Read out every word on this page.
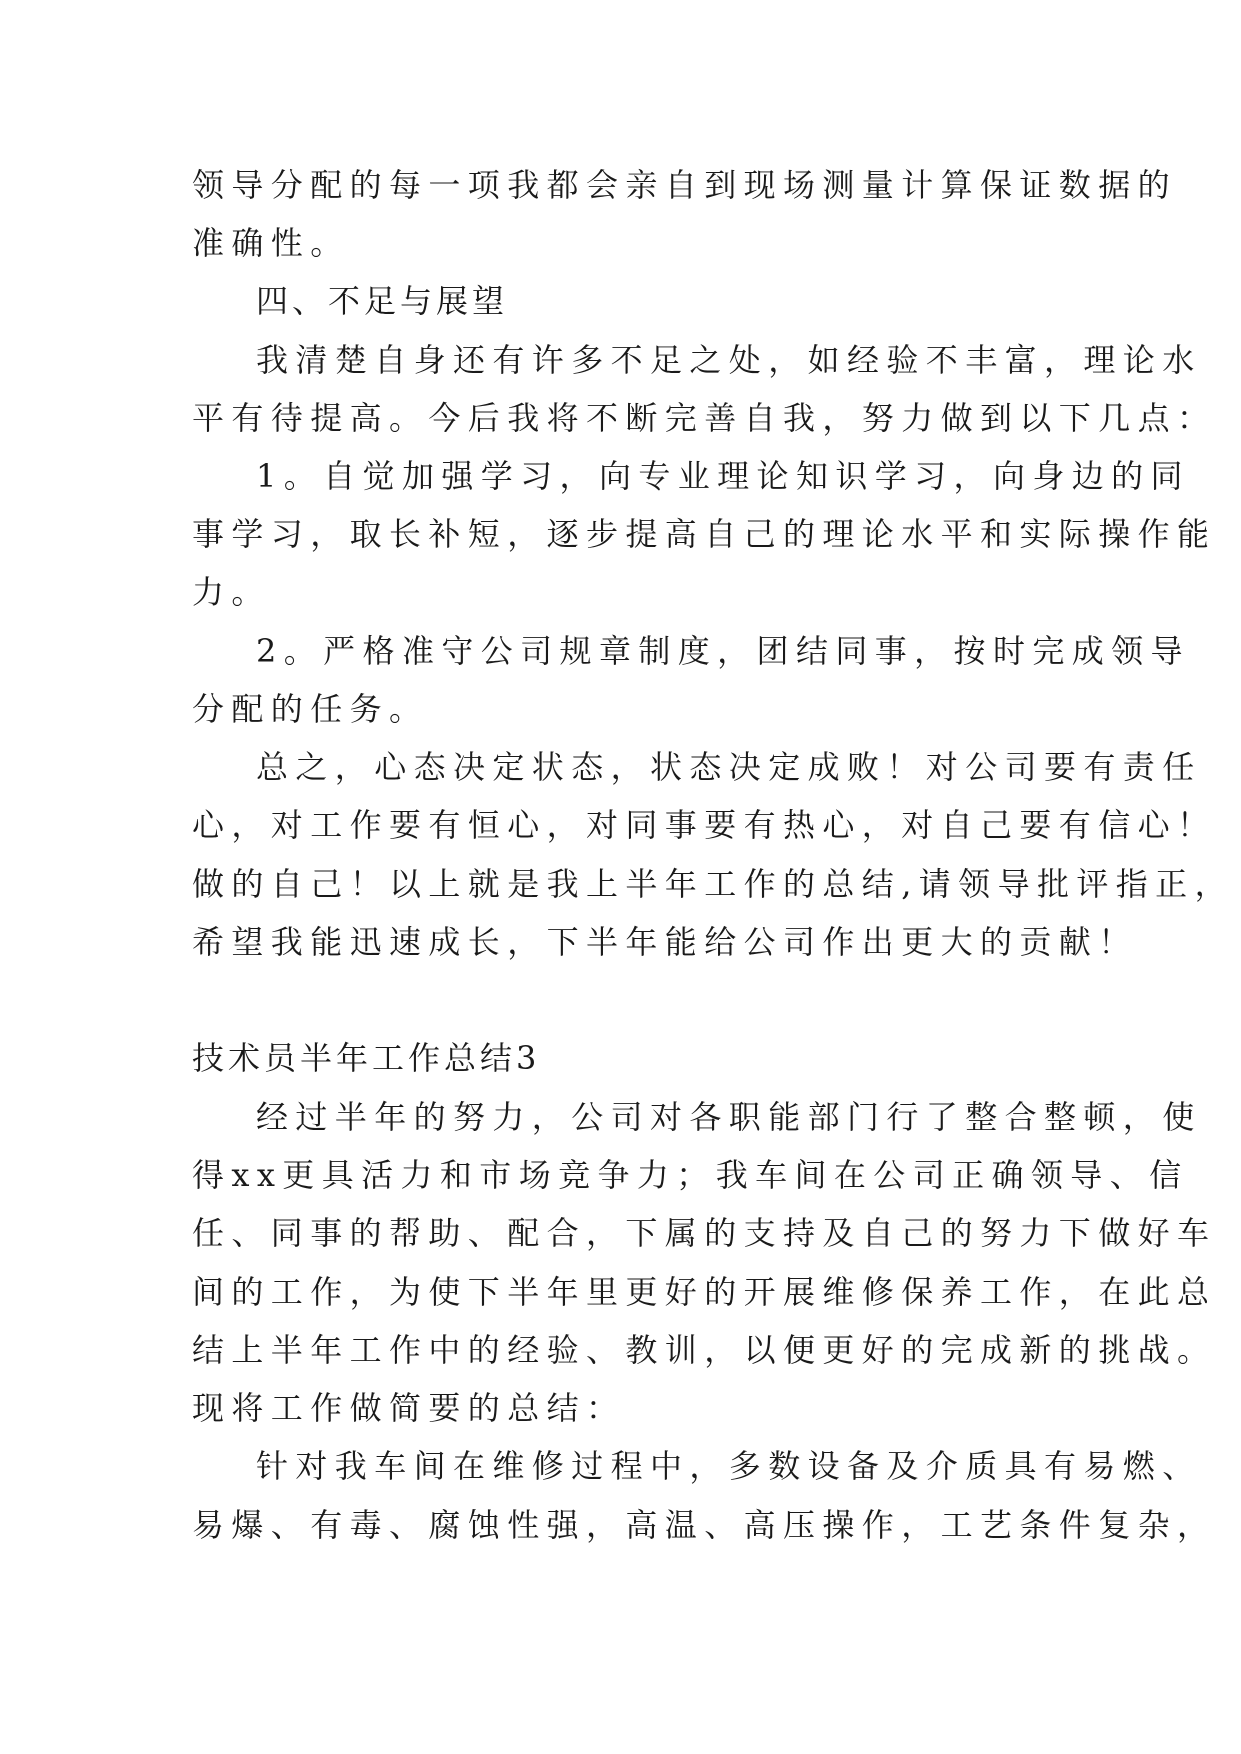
领导分配的每一项我都会亲自到现场测量计算保证数据的
准确性。
四、不足与展望
我清楚自身还有许多不足之处，如经验不丰富，理论水
平有待提高。今后我将不断完善自我，努力做到以下几点：
1。自觉加强学习，向专业理论知识学习，向身边的同
事学习，取长补短，逐步提高自己的理论水平和实际操作能
力。
2。严格准守公司规章制度，团结同事，按时完成领导
分配的任务。
总之，心态决定状态，状态决定成败！对公司要有责任
心，对工作要有恒心，对同事要有热心，对自己要有信心！
做的自己！以上就是我上半年工作的总结,请领导批评指正，
希望我能迅速成长，下半年能给公司作出更大的贡献！
技术员半年工作总结3
经过半年的努力，公司对各职能部门行了整合整顿，使
得xx更具活力和市场竞争力；我车间在公司正确领导、信
任、同事的帮助、配合，下属的支持及自己的努力下做好车
间的工作，为使下半年里更好的开展维修保养工作，在此总
结上半年工作中的经验、教训，以便更好的完成新的挑战。
现将工作做简要的总结：
针对我车间在维修过程中，多数设备及介质具有易燃、
易爆、有毒、腐蚀性强，高温、高压操作，工艺条件复杂，
